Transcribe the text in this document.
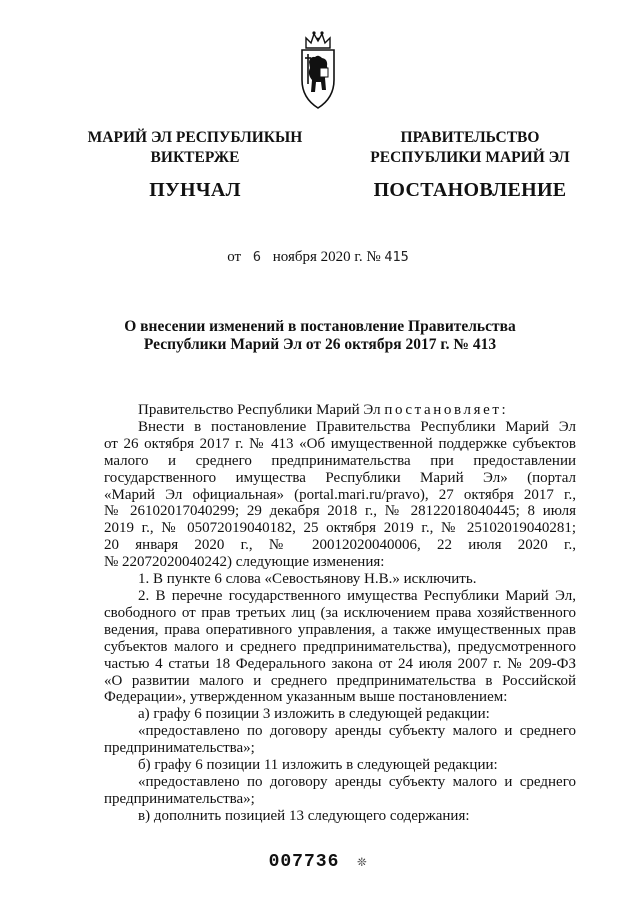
МАРИЙ ЭЛ РЕСПУБЛИКЫН
ВИКТЕРЖЕ
ПУНЧАЛ
ПРАВИТЕЛЬСТВО
РЕСПУБЛИКИ МАРИЙ ЭЛ
ПОСТАНОВЛЕНИЕ
от 6 ноября 2020 г. № 415
О внесении изменений в постановление Правительства
Республики Марий Эл от 26 октября 2017 г. № 413

Правительство Республики Марий Эл постановляет:

Внести в постановление Правительства Республики Марий Эл

от 26 октября 2017 г. № 413 «Об имущественной поддержке субъектов

малого и среднего предпринимательства при предоставлении

государственного имущества Республики Марий Эл» (портал

«Марий Эл официальная» (portal.mari.ru/pravo), 27 октября 2017 г.,

№ 26102017040299; 29 декабря 2018 г., № 28122018040445; 8 июля

2019 г., № 05072019040182, 25 октября 2019 г., № 25102019040281;

20 января 2020 г., № 20012020040006, 22 июля 2020 г.,

№ 22072020040242) следующие изменения:

1. В пункте 6 слова «Севостьянову Н.В.» исключить.

2. В перечне государственного имущества Республики Марий Эл,

свободного от прав третьих лиц (за исключением права хозяйственного

ведения, права оперативного управления, а также имущественных прав

субъектов малого и среднего предпринимательства), предусмотренного

частью 4 статьи 18 Федерального закона от 24 июля 2007 г. № 209-ФЗ

«О развитии малого и среднего предпринимательства в Российской

Федерации», утвержденном указанным выше постановлением:

а) графу 6 позиции 3 изложить в следующей редакции:

«предоставлено по договору аренды субъекту малого и среднего

предпринимательства»;

б) графу 6 позиции 11 изложить в следующей редакции:

«предоставлено по договору аренды субъекту малого и среднего

предпринимательства»;

в) дополнить позицией 13 следующего содержания:

007736 ❊
